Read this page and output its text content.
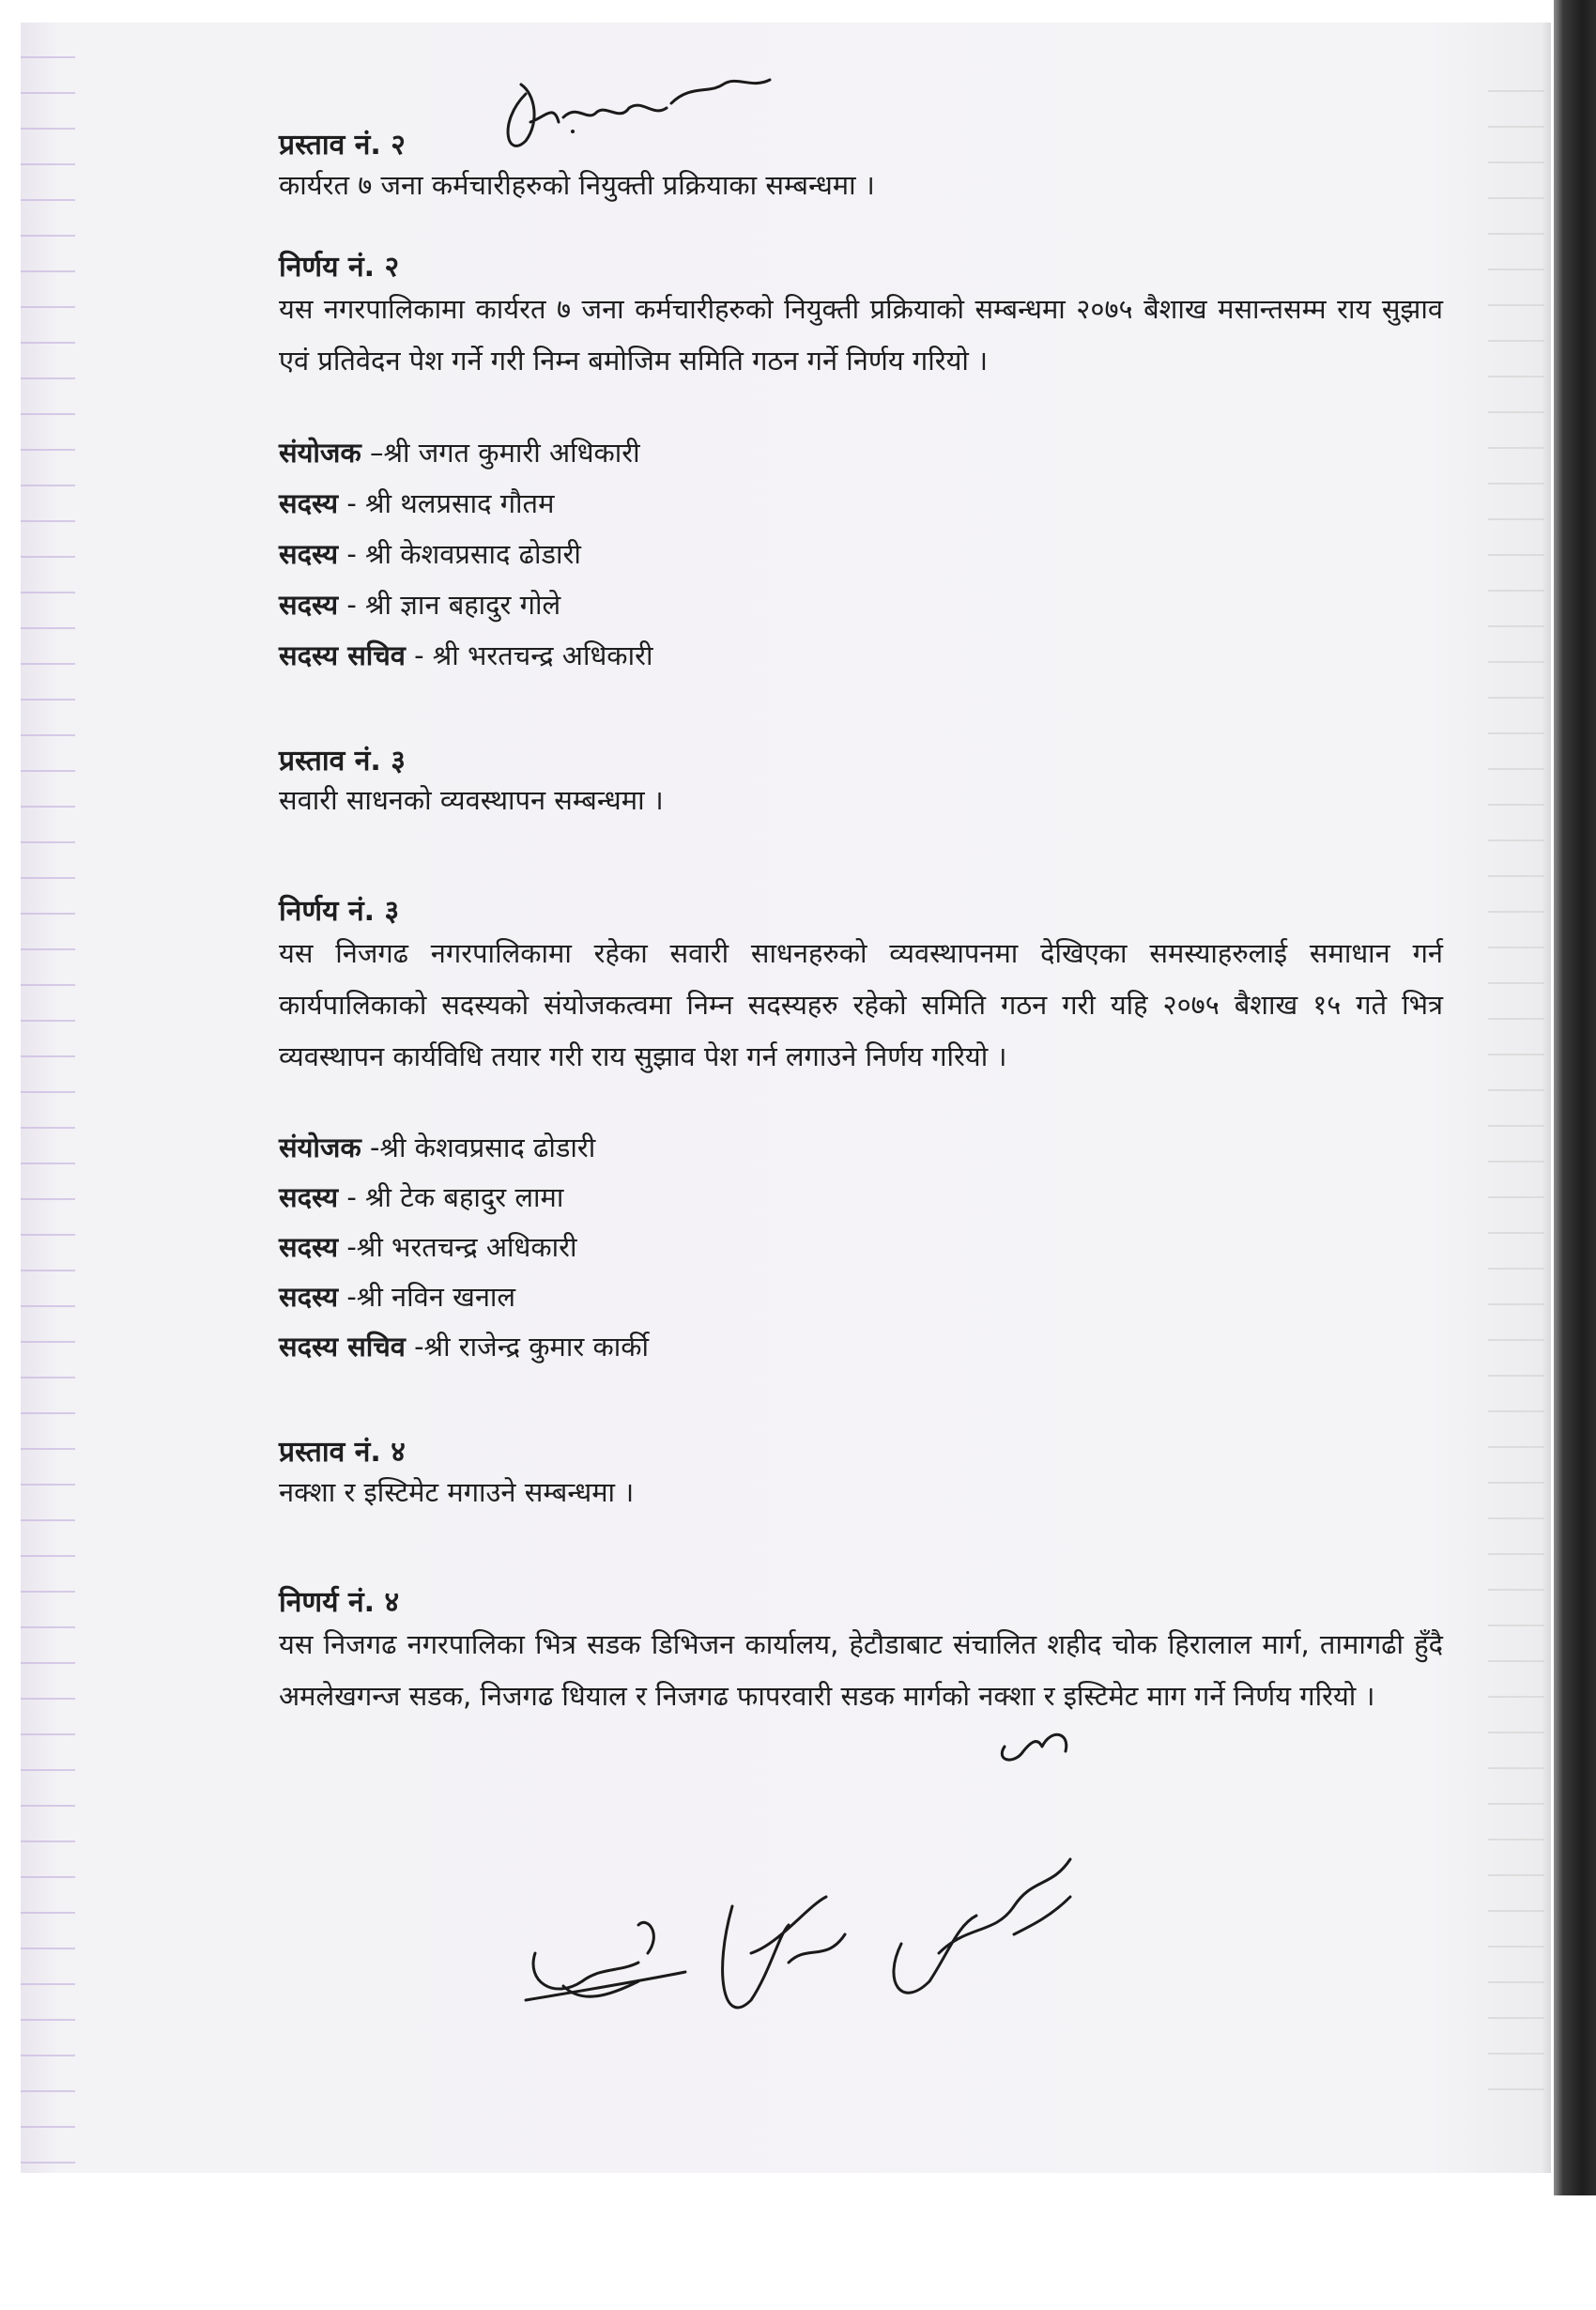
प्रस्ताव नं. २
कार्यरत ७ जना कर्मचारीहरुको नियुक्ती प्रक्रियाका सम्बन्धमा ।
निर्णय नं. २
यस नगरपालिकामा कार्यरत ७ जना कर्मचारीहरुको नियुक्ती प्रक्रियाको सम्बन्धमा २०७५ बैशाख मसान्तसम्म राय सुझाव एवं प्रतिवेदन पेश गर्ने गरी निम्न बमोजिम समिति गठन गर्ने निर्णय गरियो ।
संयोजक –श्री जगत कुमारी अधिकारी
सदस्य - श्री थलप्रसाद गौतम
सदस्य - श्री केशवप्रसाद ढोडारी
सदस्य - श्री ज्ञान बहादुर गोले
सदस्य सचिव - श्री भरतचन्द्र अधिकारी
प्रस्ताव नं. ३
सवारी साधनको व्यवस्थापन सम्बन्धमा ।
निर्णय नं. ३
यस निजगढ नगरपालिकामा रहेका सवारी साधनहरुको व्यवस्थापनमा देखिएका समस्याहरुलाई समाधान गर्न कार्यपालिकाको सदस्यको संयोजकत्वमा निम्न सदस्यहरु रहेको समिति गठन गरी यहि २०७५ बैशाख १५ गते भित्र व्यवस्थापन कार्यविधि तयार गरी राय सुझाव पेश गर्न लगाउने निर्णय गरियो ।
संयोजक -श्री केशवप्रसाद ढोडारी
सदस्य - श्री टेक बहादुर लामा
सदस्य -श्री भरतचन्द्र अधिकारी
सदस्य -श्री नविन खनाल
सदस्य सचिव -श्री राजेन्द्र कुमार कार्की
प्रस्ताव नं. ४
नक्शा र इस्टिमेट मगाउने सम्बन्धमा ।
निणर्य नं. ४
यस निजगढ नगरपालिका भित्र सडक डिभिजन कार्यालय, हेटौडाबाट संचालित शहीद चोक हिरालाल मार्ग, तामागढी हुँदै अमलेखगन्ज सडक, निजगढ धियाल र निजगढ फापरवारी सडक मार्गको नक्शा र इस्टिमेट माग गर्ने निर्णय गरियो ।
